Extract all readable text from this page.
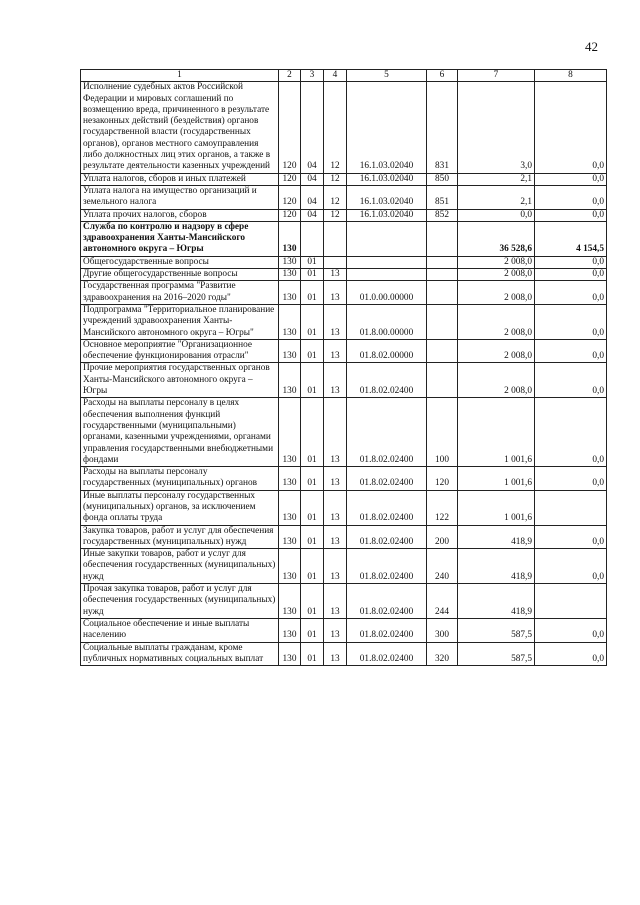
42
1	2	3	4	5	6	7	8
Исполнение судебных актов Российской Федерации и мировых соглашений по возмещению вреда, причиненного в результате незаконных действий (бездействия) органов государственной власти (государственных органов), органов местного самоуправления либо должностных лиц этих органов, а также в результате деятельности казенных учреждений	120	04	12	16.1.03.02040	831	3,0	0,0
Уплата налогов, сборов и иных платежей	120	04	12	16.1.03.02040	850	2,1	0,0
Уплата налога на имущество организаций и земельного налога	120	04	12	16.1.03.02040	851	2,1	0,0
Уплата прочих налогов, сборов	120	04	12	16.1.03.02040	852	0,0	0,0
Служба по контролю и надзору в сфере здравоохранения Ханты-Мансийского автономного округа – Югры	130					36 528,6	4 154,5
Общегосударственные вопросы	130	01				2 008,0	0,0
Другие общегосударственные вопросы	130	01	13			2 008,0	0,0
Государственная программа "Развитие здравоохранения на 2016–2020 годы"	130	01	13	01.0.00.00000		2 008,0	0,0
Подпрограмма "Территориальное планирование учреждений здравоохранения Ханты-Мансийского автономного округа – Югры"	130	01	13	01.8.00.00000		2 008,0	0,0
Основное мероприятие "Организационное обеспечение функционирования отрасли"	130	01	13	01.8.02.00000		2 008,0	0,0
Прочие мероприятия государственных органов Ханты-Мансийского автономного округа – Югры	130	01	13	01.8.02.02400		2 008,0	0,0
Расходы на выплаты персоналу в целях обеспечения выполнения функций государственными (муниципальными) органами, казенными учреждениями, органами управления государственными внебюджетными фондами	130	01	13	01.8.02.02400	100	1 001,6	0,0
Расходы на выплаты персоналу государственных (муниципальных) органов	130	01	13	01.8.02.02400	120	1 001,6	0,0
Иные выплаты персоналу государственных (муниципальных) органов, за исключением фонда оплаты труда	130	01	13	01.8.02.02400	122	1 001,6	
Закупка товаров, работ и услуг для обеспечения государственных (муниципальных) нужд	130	01	13	01.8.02.02400	200	418,9	0,0
Иные закупки товаров, работ и услуг для обеспечения государственных (муниципальных) нужд	130	01	13	01.8.02.02400	240	418,9	0,0
Прочая закупка товаров, работ и услуг для обеспечения государственных (муниципальных) нужд	130	01	13	01.8.02.02400	244	418,9	
Социальное обеспечение и иные выплаты населению	130	01	13	01.8.02.02400	300	587,5	0,0
Социальные выплаты гражданам, кроме публичных нормативных социальных выплат	130	01	13	01.8.02.02400	320	587,5	0,0
